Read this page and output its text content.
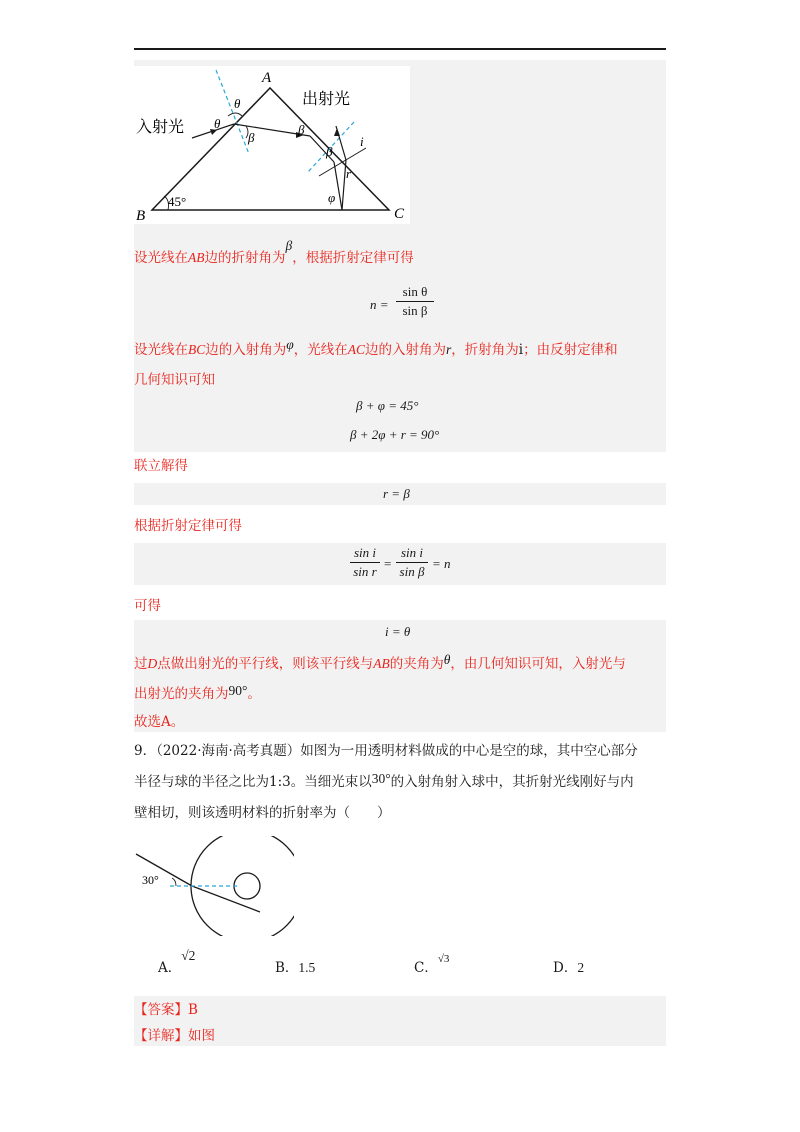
A
B	C
45°
入射光
出射光
θ
θ
β
β
β
i
r
φ
设光线在AB边的折射角为β，根据折射定律可得
n =
sin θ
sin β
设光线在BC边的入射角为φ，光线在AC边的入射角为r，折射角为i；由反射定律和
几何知识可知
β + φ = 45°
β + 2φ + r = 90°
联立解得
r = β
根据折射定律可得
sin i
sin r
=
sin i
sin β
= n
可得
i = θ
过D点做出射光的平行线，则该平行线与AB的夹角为θ，由几何知识可知，入射光与
出射光的夹角为90°。
故选A。
9．（2022·海南·高考真题）如图为一用透明材料做成的中心是空的球，其中空心部分
半径与球的半径之比为1:3。当细光束以30°的入射角射入球中，其折射光线刚好与内
壁相切，则该透明材料的折射率为（　　）
30°
A．√2
B．1.5	C．$^{√3}$
D．2
【答案】B
【详解】如图
